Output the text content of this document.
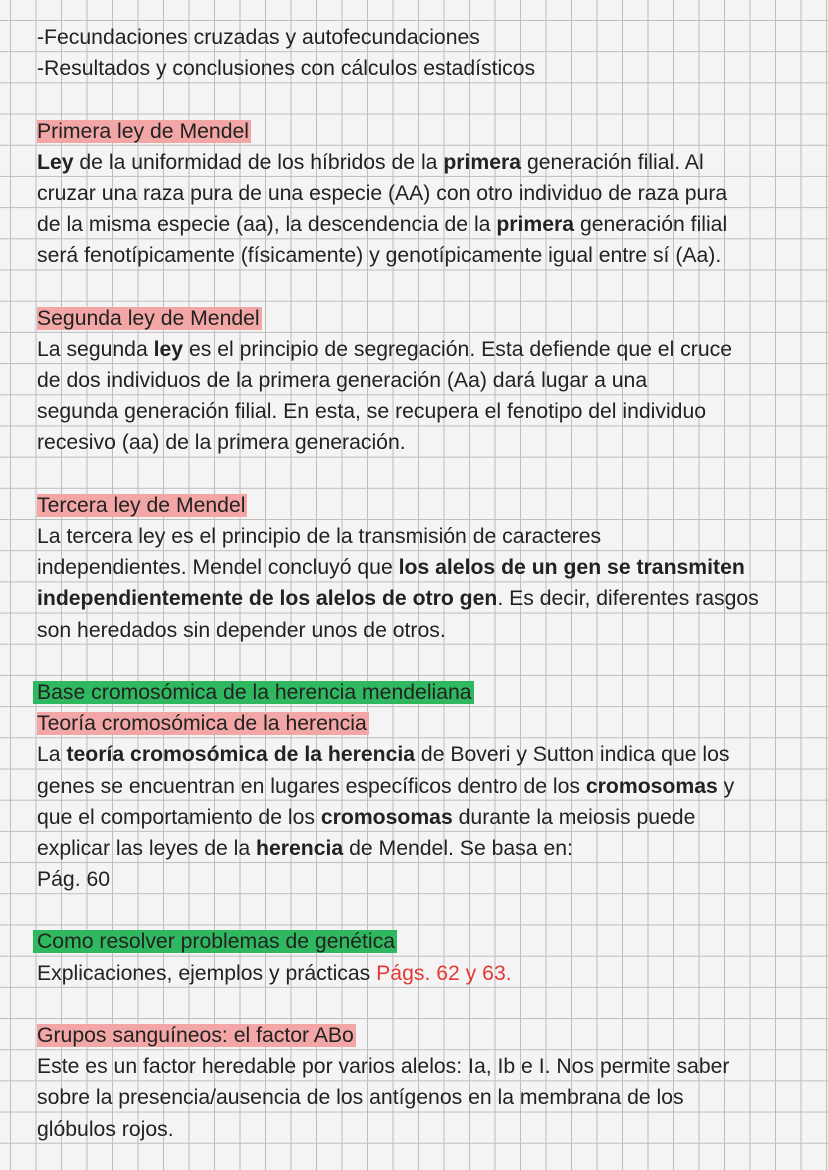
-Fecundaciones cruzadas y autofecundaciones
-Resultados y conclusiones con cálculos estadísticos
Primera ley de Mendel
Ley de la uniformidad de los híbridos de la primera generación filial. Al
cruzar una raza pura de una especie (AA) con otro individuo de raza pura
de la misma especie (aa), la descendencia de la primera generación filial
será fenotípicamente (físicamente) y genotípicamente igual entre sí (Aa).
Segunda ley de Mendel
La segunda ley es el principio de segregación. Esta defiende que el cruce
de dos individuos de la primera generación (Aa) dará lugar a una
segunda generación filial. En esta, se recupera el fenotipo del individuo
recesivo (aa) de la primera generación.
Tercera ley de Mendel
La tercera ley es el principio de la transmisión de caracteres
independientes. Mendel concluyó que los alelos de un gen se transmiten
independientemente de los alelos de otro gen. Es decir, diferentes rasgos
son heredados sin depender unos de otros.
Base cromosómica de la herencia mendeliana
Teoría cromosómica de la herencia
La teoría cromosómica de la herencia de Boveri y Sutton indica que los
genes se encuentran en lugares específicos dentro de los cromosomas y
que el comportamiento de los cromosomas durante la meiosis puede
explicar las leyes de la herencia de Mendel. Se basa en:
Pág. 60
Como resolver problemas de genética
Explicaciones, ejemplos y prácticas Págs. 62 y 63.
Grupos sanguíneos: el factor ABo
Este es un factor heredable por varios alelos: Ia, Ib e I. Nos permite saber
sobre la presencia/ausencia de los antígenos en la membrana de los
glóbulos rojos.
